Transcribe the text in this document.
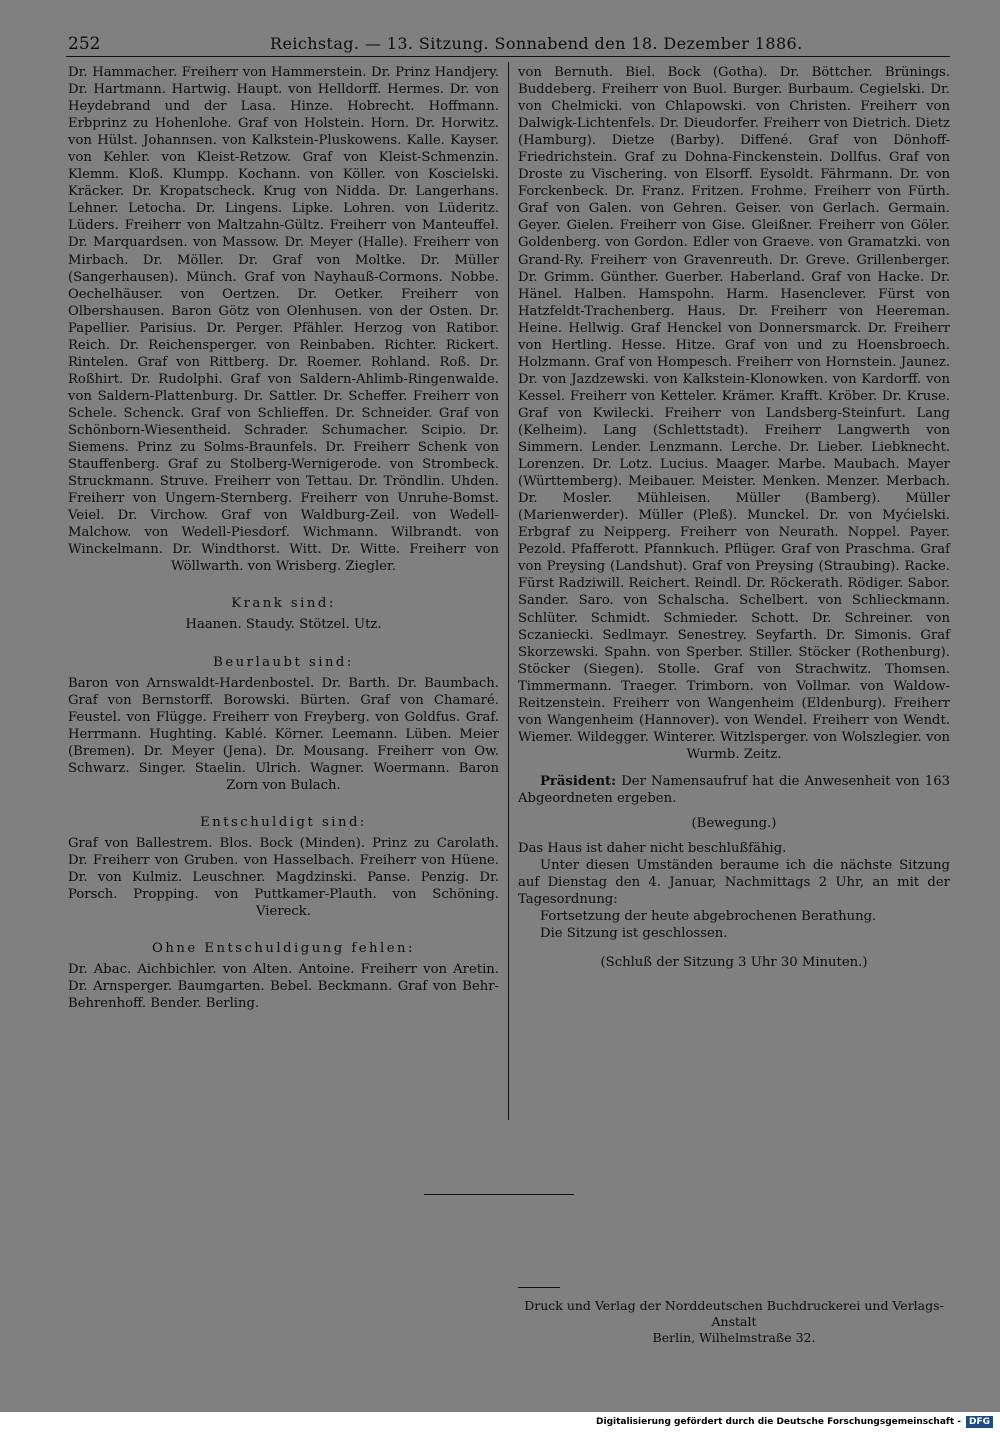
252	Reichstag. — 13. Sitzung. Sonnabend den 18. Dezember 1886.

Dr. Hammacher. Freiherr von Hammerstein. Dr. Prinz Handjery. Dr. Hartmann. Hartwig. Haupt. von Helldorff. Hermes. Dr. von Heydebrand und der Lasa. Hinze. Hobrecht. Hoffmann. Erbprinz zu Hohenlohe. Graf von Holstein. Horn. Dr. Horwitz. von Hülst. Johannsen. von Kalkstein-Pluskowens. Kalle. Kayser. von Kehler. von Kleist-Retzow. Graf von Kleist-Schmenzin. Klemm. Kloß. Klumpp. Kochann. von Köller. von Koscielski. Kräcker. Dr. Kropatscheck. Krug von Nidda. Dr. Langerhans. Lehner. Letocha. Dr. Lingens. Lipke. Lohren. von Lüderitz. Lüders. Freiherr von Maltzahn-Gültz. Freiherr von Manteuffel. Dr. Marquardsen. von Massow. Dr. Meyer (Halle). Freiherr von Mirbach. Dr. Möller. Dr. Graf von Moltke. Dr. Müller (Sangerhausen). Münch. Graf von Nayhauß-Cormons. Nobbe. Oechelhäuser. von Oertzen. Dr. Oetker. Freiherr von Olbershausen. Baron Götz von Olenhusen. von der Osten. Dr. Papellier. Parisius. Dr. Perger. Pfähler. Herzog von Ratibor. Reich. Dr. Reichensperger. von Reinbaben. Richter. Rickert. Rintelen. Graf von Rittberg. Dr. Roemer. Rohland. Roß. Dr. Roßhirt. Dr. Rudolphi. Graf von Saldern-Ahlimb-Ringenwalde. von Saldern-Plattenburg. Dr. Sattler. Dr. Scheffer. Freiherr von Schele. Schenck. Graf von Schlieffen. Dr. Schneider. Graf von Schönborn-Wiesentheid. Schrader. Schumacher. Scipio. Dr. Siemens. Prinz zu Solms-Braunfels. Dr. Freiherr Schenk von Stauffenberg. Graf zu Stolberg-Wernigerode. von Strombeck. Struckmann. Struve. Freiherr von Tettau. Dr. Tröndlin. Uhden. Freiherr von Ungern-Sternberg. Freiherr von Unruhe-Bomst. Veiel. Dr. Virchow. Graf von Waldburg-Zeil. von Wedell-Malchow. von Wedell-Piesdorf. Wichmann. Wilbrandt. von Winckelmann. Dr. Windthorst. Witt. Dr. Witte. Freiherr von Wöllwarth. von Wrisberg. Ziegler.

Krank sind:

Haanen. Staudy. Stötzel. Utz.

Beurlaubt sind:

Baron von Arnswaldt-Hardenbostel. Dr. Barth. Dr. Baumbach. Graf von Bernstorff. Borowski. Bürten. Graf von Chamaré. Feustel. von Flügge. Freiherr von Freyberg. von Goldfus. Graf. Herrmann. Hughting. Kablé. Körner. Leemann. Lüben. Meier (Bremen). Dr. Meyer (Jena). Dr. Mousang. Freiherr von Ow. Schwarz. Singer. Staelin. Ulrich. Wagner. Woermann. Baron Zorn von Bulach.

Entschuldigt sind:

Graf von Ballestrem. Blos. Bock (Minden). Prinz zu Carolath. Dr. Freiherr von Gruben. von Hasselbach. Freiherr von Hüene. Dr. von Kulmiz. Leuschner. Magdzinski. Panse. Penzig. Dr. Porsch. Propping. von Puttkamer-Plauth. von Schöning. Viereck.

Ohne Entschuldigung fehlen:

Dr. Abac. Aichbichler. von Alten. Antoine. Freiherr von Aretin. Dr. Arnsperger. Baumgarten. Bebel. Beckmann. Graf von Behr-Behrenhoff. Bender. Berling.

von Bernuth. Biel. Bock (Gotha). Dr. Böttcher. Brünings. Buddeberg. Freiherr von Buol. Burger. Burbaum. Cegielski. Dr. von Chelmicki. von Chlapowski. von Christen. Freiherr von Dalwigk-Lichtenfels. Dr. Dieudorfer. Freiherr von Dietrich. Dietz (Hamburg). Dietze (Barby). Diffené. Graf von Dönhoff-Friedrichstein. Graf zu Dohna-Finckenstein. Dollfus. Graf von Droste zu Vischering. von Elsorff. Eysoldt. Fährmann. Dr. von Forckenbeck. Dr. Franz. Fritzen. Frohme. Freiherr von Fürth. Graf von Galen. von Gehren. Geiser. von Gerlach. Germain. Geyer. Gielen. Freiherr von Gise. Gleißner. Freiherr von Göler. Goldenberg. von Gordon. Edler von Graeve. von Gramatzki. von Grand-Ry. Freiherr von Gravenreuth. Dr. Greve. Grillenberger. Dr. Grimm. Günther. Guerber. Haberland. Graf von Hacke. Dr. Hänel. Halben. Hamspohn. Harm. Hasenclever. Fürst von Hatzfeldt-Trachenberg. Haus. Dr. Freiherr von Heereman. Heine. Hellwig. Graf Henckel von Donnersmarck. Dr. Freiherr von Hertling. Hesse. Hitze. Graf von und zu Hoensbroech. Holzmann. Graf von Hompesch. Freiherr von Hornstein. Jaunez. Dr. von Jazdzewski. von Kalkstein-Klonowken. von Kardorff. von Kessel. Freiherr von Ketteler. Krämer. Krafft. Kröber. Dr. Kruse. Graf von Kwilecki. Freiherr von Landsberg-Steinfurt. Lang (Kelheim). Lang (Schlettstadt). Freiherr Langwerth von Simmern. Lender. Lenzmann. Lerche. Dr. Lieber. Liebknecht. Lorenzen. Dr. Lotz. Lucius. Maager. Marbe. Maubach. Mayer (Württemberg). Meibauer. Meister. Menken. Menzer. Merbach. Dr. Mosler. Mühleisen. Müller (Bamberg). Müller (Marienwerder). Müller (Pleß). Munckel. Dr. von Myćielski. Erbgraf zu Neipperg. Freiherr von Neurath. Noppel. Payer. Pezold. Pfafferott. Pfannkuch. Pflüger. Graf von Praschma. Graf von Preysing (Landshut). Graf von Preysing (Straubing). Racke. Fürst Radziwill. Reichert. Reindl. Dr. Röckerath. Rödiger. Sabor. Sander. Saro. von Schalscha. Schelbert. von Schlieckmann. Schlüter. Schmidt. Schmieder. Schott. Dr. Schreiner. von Sczaniecki. Sedlmayr. Senestrey. Seyfarth. Dr. Simonis. Graf Skorzewski. Spahn. von Sperber. Stiller. Stöcker (Rothenburg). Stöcker (Siegen). Stolle. Graf von Strachwitz. Thomsen. Timmermann. Traeger. Trimborn. von Vollmar. von Waldow-Reitzenstein. Freiherr von Wangenheim (Eldenburg). Freiherr von Wangenheim (Hannover). von Wendel. Freiherr von Wendt. Wiemer. Wildegger. Winterer. Witzlsperger. von Wolszlegier. von Wurmb. Zeitz.

Präsident: Der Namensaufruf hat die Anwesenheit von 163 Abgeordneten ergeben.

(Bewegung.)

Das Haus ist daher nicht beschlußfähig.

Unter diesen Umständen beraume ich die nächste Sitzung auf Dienstag den 4. Januar, Nachmittags 2 Uhr, an mit der Tagesordnung:

Fortsetzung der heute abgebrochenen Berathung.

Die Sitzung ist geschlossen.

(Schluß der Sitzung 3 Uhr 30 Minuten.)

Druck und Verlag der Norddeutschen Buchdruckerei und Verlags-Anstalt

Berlin, Wilhelmstraße 32.

Digitalisierung gefördert durch die Deutsche Forschungsgemeinschaft - DFG
